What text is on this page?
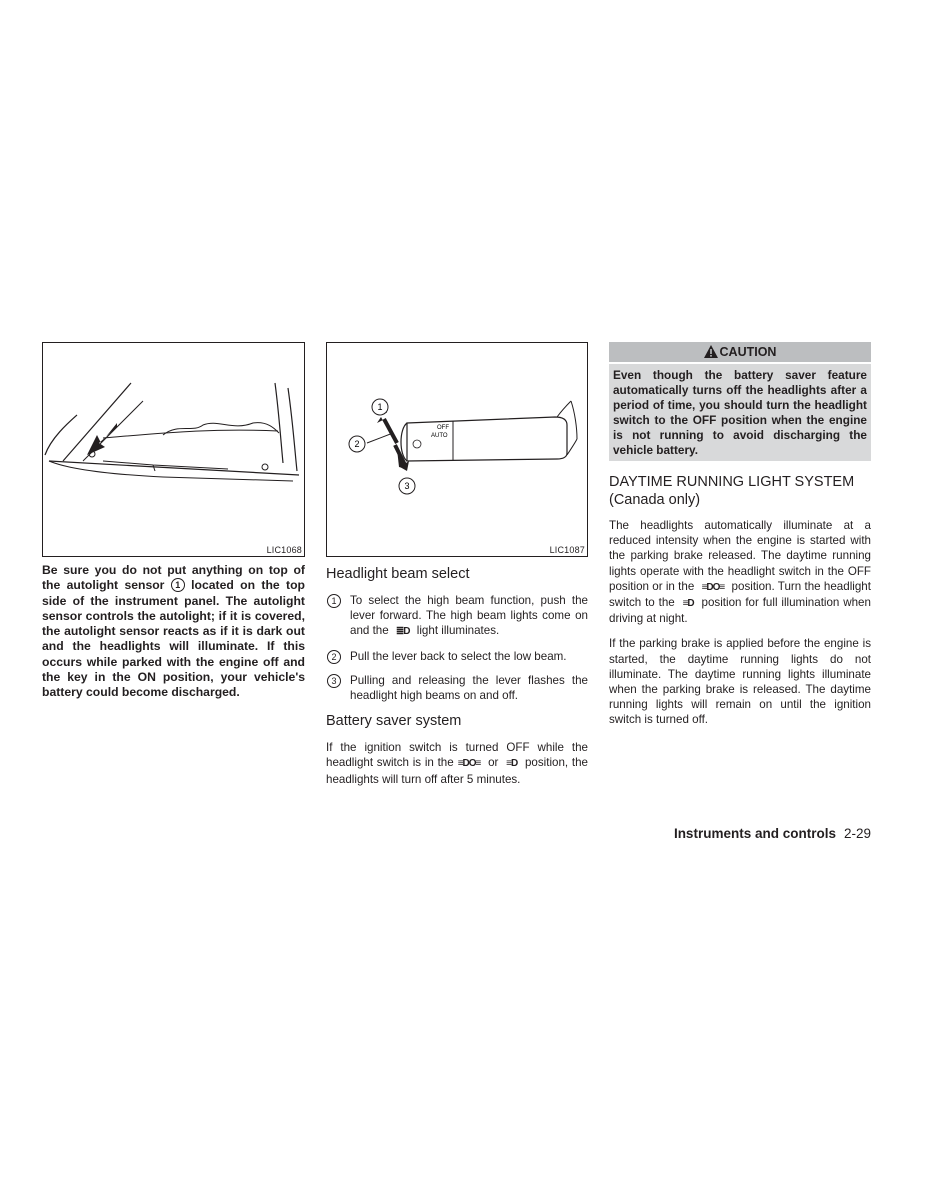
LIC1068

Be sure you do not put anything on top of the autolight sensor 1 located on the top side of the instrument panel. The autolight sensor controls the autolight; if it is covered, the autolight sensor reacts as if it is dark out and the headlights will illuminate. If this occurs while parked with the engine off and the key in the ON position, your vehicle's battery could become discharged.

OFF
AUTO
1
2
3
LIC1087
Headlight beam select
1	To select the high beam function, push the lever forward. The high beam lights come on and the ≣D light illuminates.
2	Pull the lever back to select the low beam.
3	Pulling and releasing the lever flashes the headlight high beams on and off.
Battery saver system

If the ignition switch is turned OFF while the headlight switch is in the ≡DO≡ or ≡D position, the headlights will turn off after 5 minutes.

CAUTION
Even though the battery saver feature automatically turns off the headlights after a period of time, you should turn the headlight switch to the OFF position when the engine is not running to avoid discharging the vehicle battery.
DAYTIME RUNNING LIGHT SYSTEM
(Canada only)

The headlights automatically illuminate at a reduced intensity when the engine is started with the parking brake released. The daytime running lights operate with the headlight switch in the OFF position or in the ≡DO≡ position. Turn the headlight switch to the ≡D position for full illumination when driving at night.

If the parking brake is applied before the engine is started, the daytime running lights do not illuminate. The daytime running lights illuminate when the parking brake is released. The daytime running lights will remain on until the ignition switch is turned off.

Instruments and controls 2-29
